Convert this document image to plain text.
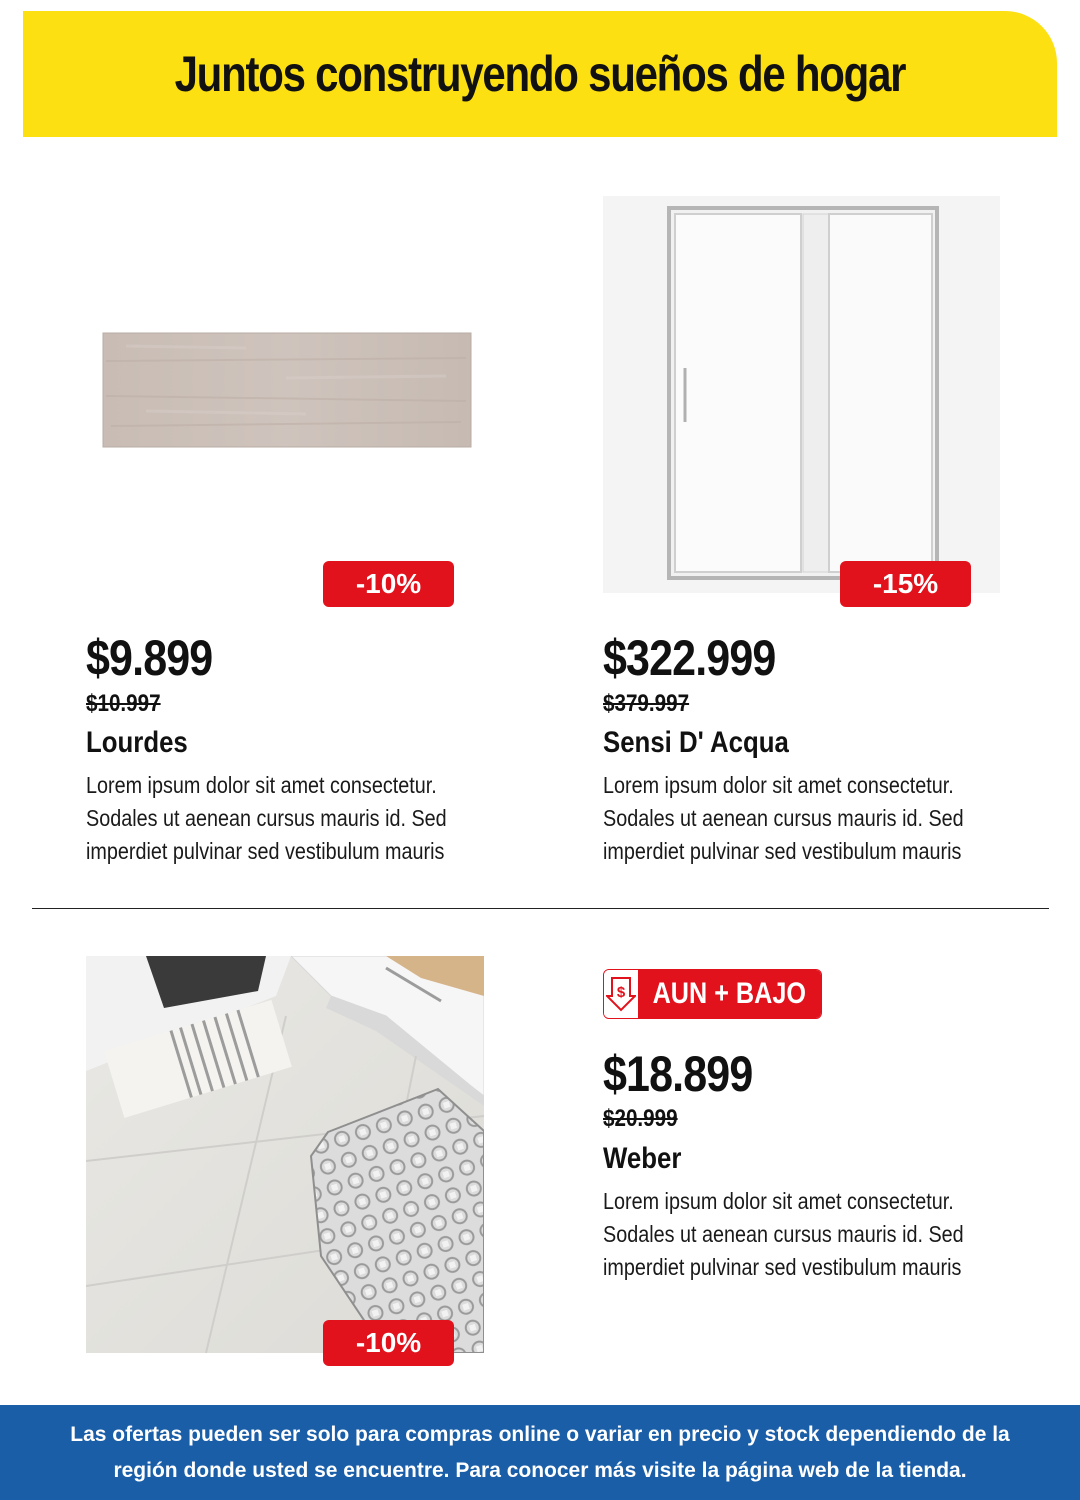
Juntos construyendo sueños de hogar
-10%
$9.899
$10.997
Lourdes
Lorem ipsum dolor sit amet consectetur. Sodales ut aenean cursus mauris id. Sed imperdiet pulvinar sed vestibulum mauris
-15%
$322.999
$379.997
Sensi D' Acqua
Lorem ipsum dolor sit amet consectetur. Sodales ut aenean cursus mauris id. Sed imperdiet pulvinar sed vestibulum mauris
-10%
$ AUN + BAJO
$18.899
$20.999
Weber
Lorem ipsum dolor sit amet consectetur. Sodales ut aenean cursus mauris id. Sed imperdiet pulvinar sed vestibulum mauris

Las ofertas pueden ser solo para compras online o variar en precio y stock dependiendo de la región donde usted se encuentre. Para conocer más visite la página web de la tienda.
